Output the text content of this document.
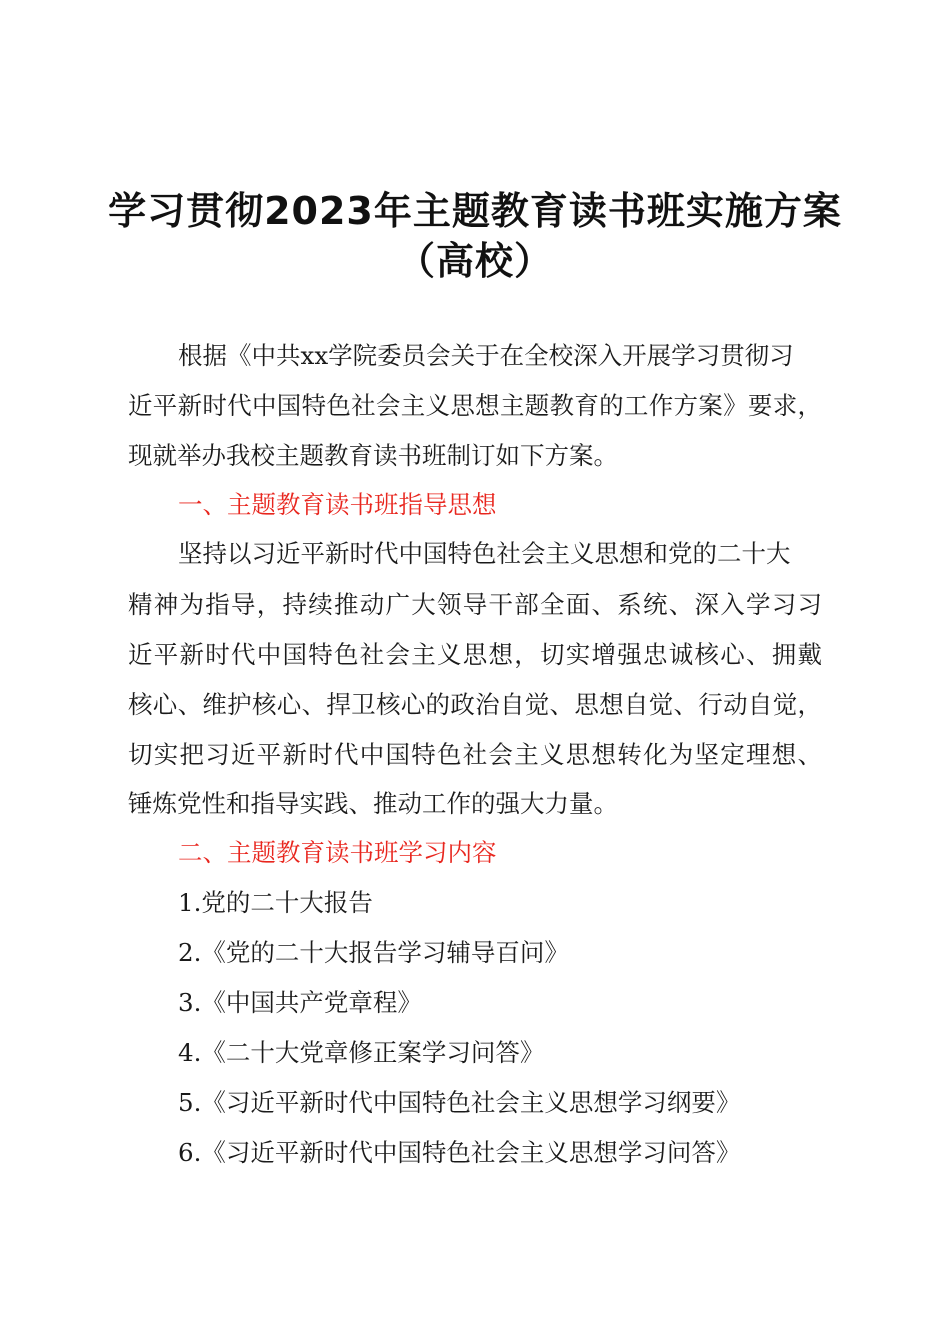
学习贯彻2023年主题教育读书班实施方案
（高校）
根据《中共xx学院委员会关于在全校深入开展学习贯彻习
近平新时代中国特色社会主义思想主题教育的工作方案》要求，
现就举办我校主题教育读书班制订如下方案。
一、主题教育读书班指导思想
坚持以习近平新时代中国特色社会主义思想和党的二十大
精神为指导，持续推动广大领导干部全面、系统、深入学习习
近平新时代中国特色社会主义思想，切实增强忠诚核心、拥戴
核心、维护核心、捍卫核心的政治自觉、思想自觉、行动自觉，
切实把习近平新时代中国特色社会主义思想转化为坚定理想、
锤炼党性和指导实践、推动工作的强大力量。
二、主题教育读书班学习内容
1.党的二十大报告
2.《党的二十大报告学习辅导百问》
3.《中国共产党章程》
4.《二十大党章修正案学习问答》
5.《习近平新时代中国特色社会主义思想学习纲要》
6.《习近平新时代中国特色社会主义思想学习问答》
